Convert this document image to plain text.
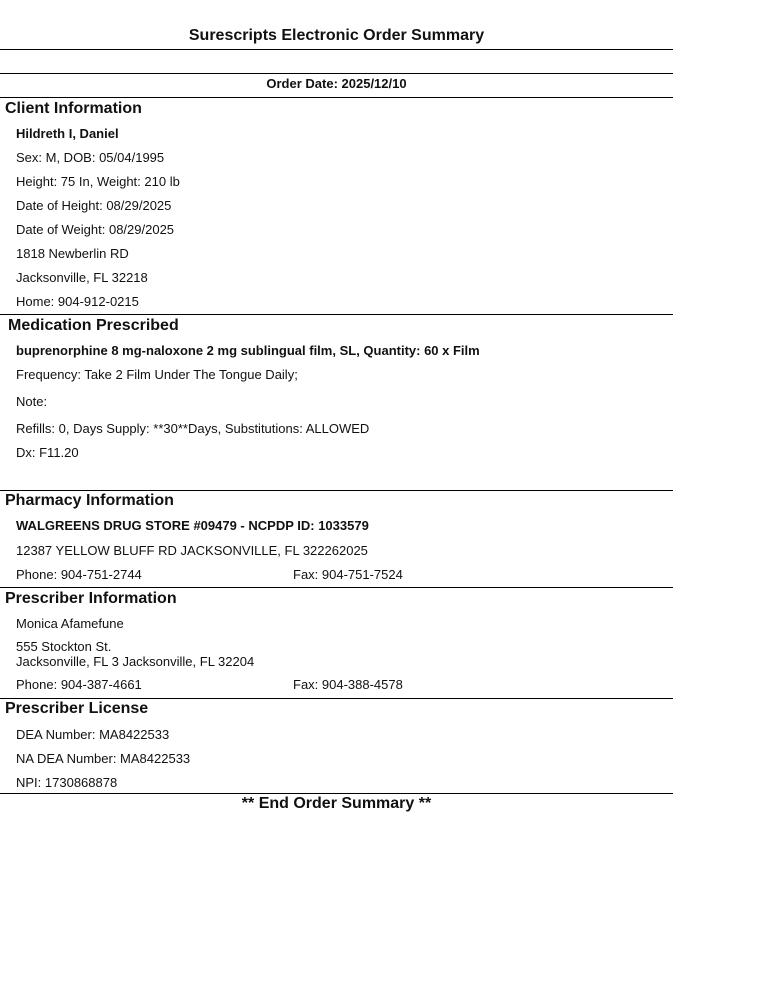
Surescripts Electronic Order Summary
Order Date: 2025/12/10
Client Information
Hildreth I, Daniel
Sex: M, DOB: 05/04/1995
Height: 75 In, Weight: 210 lb
Date of Height: 08/29/2025
Date of Weight: 08/29/2025
1818 Newberlin RD
Jacksonville, FL 32218
Home: 904-912-0215
Medication Prescribed
buprenorphine 8 mg-naloxone 2 mg sublingual film, SL, Quantity: 60 x Film
Frequency: Take 2 Film Under The Tongue Daily;
Note:
Refills: 0, Days Supply: **30**Days, Substitutions: ALLOWED
Dx: F11.20
Pharmacy Information
WALGREENS DRUG STORE #09479 - NCPDP ID: 1033579
12387 YELLOW BLUFF RD JACKSONVILLE, FL 322262025
Phone: 904-751-2744	Fax: 904-751-7524
Prescriber Information
Monica Afamefune
555 Stockton St.
Jacksonville, FL 3 Jacksonville, FL 32204
Phone: 904-387-4661	Fax: 904-388-4578
Prescriber License
DEA Number: MA8422533
NA DEA Number: MA8422533
NPI: 1730868878
** End Order Summary **
